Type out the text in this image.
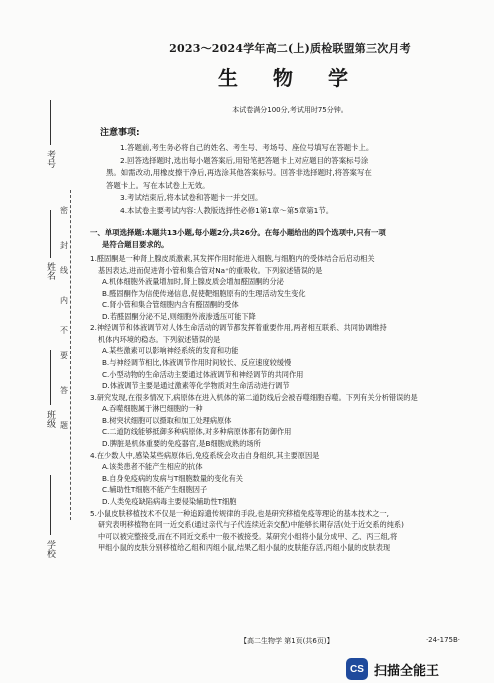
考号
姓名
班级
学校
密
封
线
内
不
要
答
题
2023～2024学年高二(上)质检联盟第三次月考
生 物 学
本试卷满分100分,考试用时75分钟。
注意事项:

1.答题前,考生务必将自己的姓名、考生号、考场号、座位号填写在答题卡上。

2.回答选择题时,选出每小题答案后,用铅笔把答题卡上对应题目的答案标号涂

黑。如需改动,用橡皮擦干净后,再选涂其他答案标号。回答非选择题时,将答案写在

答题卡上。写在本试卷上无效。

3.考试结束后,将本试卷和答题卡一并交回。

4.本试卷主要考试内容:人教版选择性必修1第1章～第5章第1节。

一、单项选择题:本题共13小题,每小题2分,共26分。在每小题给出的四个选项中,只有一项
是符合题目要求的。

1.醛固酮是一种肾上腺皮质激素,其发挥作用时能进入细胞,与细胞内的受体结合后启动相关

基因表达,进而促进肾小管和集合管对Na⁺的重吸收。下列叙述错误的是

A.机体细胞外液量增加时,肾上腺皮质会增加醛固酮的分泌

B.醛固酮作为信使传递信息,促使靶细胞原有的生理活动发生变化

C.肾小管和集合管细胞内含有醛固酮的受体

D.若醛固酮分泌不足,则细胞外液渗透压可能下降

2.神经调节和体液调节对人体生命活动的调节都发挥着重要作用,两者相互联系、共同协调维持

机体内环境的稳态。下列叙述错误的是

A.某些激素可以影响神经系统的发育和功能

B.与神经调节相比,体液调节作用时间较长、反应速度较缓慢

C.小型动物的生命活动主要通过体液调节和神经调节的共同作用

D.体液调节主要是通过激素等化学物质对生命活动进行调节

3.研究发现,在很多情况下,病原体在进入机体的第二道防线后会被吞噬细胞吞噬。下列有关分析错误的是

A.吞噬细胞属于淋巴细胞的一种

B.树突状细胞可以摄取和加工处理病原体

C.二道防线能够抵御多种病原体,对多种病原体都有防御作用

D.脾脏是机体重要的免疫器官,是B细胞成熟的场所

4.在少数人中,感染某些病原体后,免疫系统会攻击自身组织,其主要原因是

A.该类患者不能产生相应的抗体

B.自身免疫病的发病与T细胞数量的变化有关

C.辅助性T细胞不能产生细胞因子

D.人类免疫缺陷病毒主要侵染辅助性T细胞

5.小鼠皮肤移植技术不仅是一种追踪遗传规律的手段,也是研究移植免疫等理论的基本技术之一,

研究表明移植物在同一近交系(通过亲代与子代连续近亲交配)中能够长期存活(处于近交系的纯系)

中可以被完整接受,而在不同近交系中一般不被接受。某研究小组将小鼠分成甲、乙、丙三组,将

甲组小鼠的皮肤分别移植给乙组和丙组小鼠,结果乙组小鼠的皮肤能存活,丙组小鼠的皮肤表现

【高二生物学 第1页(共6页)】	·24-175B·
CS 扫描全能王
